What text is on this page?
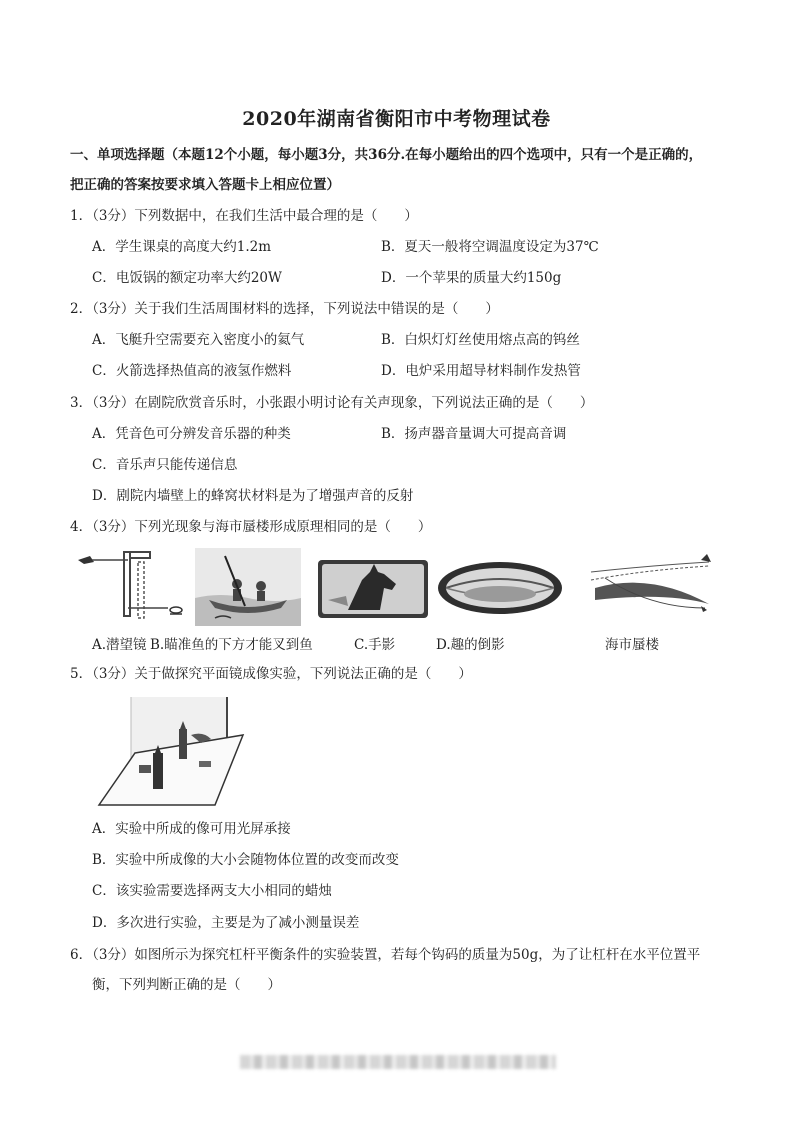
2020年湖南省衡阳市中考物理试卷
一、单项选择题（本题12个小题，每小题3分，共36分.在每小题给出的四个选项中，只有一个是正确的，
把正确的答案按要求填入答题卡上相应位置）
1．（3分）下列数据中，在我们生活中最合理的是（　　）
A．学生课桌的高度大约1.2m	B．夏天一般将空调温度设定为37℃
C．电饭锅的额定功率大约20W	D．一个苹果的质量大约150g
2．（3分）关于我们生活周围材料的选择，下列说法中错误的是（　　）
A．飞艇升空需要充入密度小的氦气	B．白炽灯灯丝使用熔点高的钨丝
C．火箭选择热值高的液氢作燃料	D．电炉采用超导材料制作发热管
3．（3分）在剧院欣赏音乐时，小张跟小明讨论有关声现象，下列说法正确的是（　　）
A．凭音色可分辨发音乐器的种类	B．扬声器音量调大可提高音调
C．音乐声只能传递信息
D．剧院内墙壁上的蜂窝状材料是为了增强声音的反射
4．（3分）下列光现象与海市蜃楼形成原理相同的是（　　）
A.潜望镜 B.瞄准鱼的下方才能叉到鱼	C.手影	D.趣的倒影	海市蜃楼
5．（3分）关于做探究平面镜成像实验，下列说法正确的是（　　）
A．实验中所成的像可用光屏承接
B．实验中所成像的大小会随物体位置的改变而改变
C．该实验需要选择两支大小相同的蜡烛
D．多次进行实验，主要是为了减小测量误差
6．（3分）如图所示为探究杠杆平衡条件的实验装置，若每个钩码的质量为50g，为了让杠杆在水平位置平
衡，下列判断正确的是（　　）
